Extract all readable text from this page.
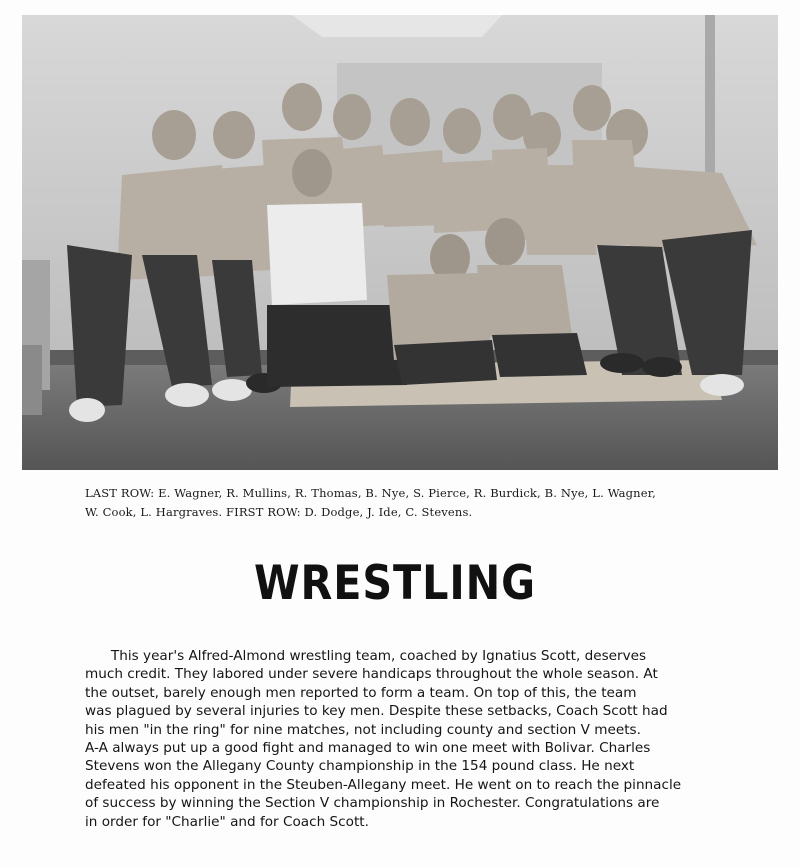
LAST ROW: E. Wagner, R. Mullins, R. Thomas, B. Nye, S. Pierce, R. Burdick, B. Nye, L. Wagner,
W. Cook, L. Hargraves. FIRST ROW: D. Dodge, J. Ide, C. Stevens.
WRESTLING
This year's Alfred-Almond wrestling team, coached by Ignatius Scott, deserves
much credit. They labored under severe handicaps throughout the whole season. At
the outset, barely enough men reported to form a team. On top of this, the team
was plagued by several injuries to key men. Despite these setbacks, Coach Scott had
his men "in the ring" for nine matches, not including county and section V meets.
A-A always put up a good fight and managed to win one meet with Bolivar. Charles
Stevens won the Allegany County championship in the 154 pound class. He next
defeated his opponent in the Steuben-Allegany meet. He went on to reach the pinnacle
of success by winning the Section V championship in Rochester. Congratulations are
in order for "Charlie" and for Coach Scott.
